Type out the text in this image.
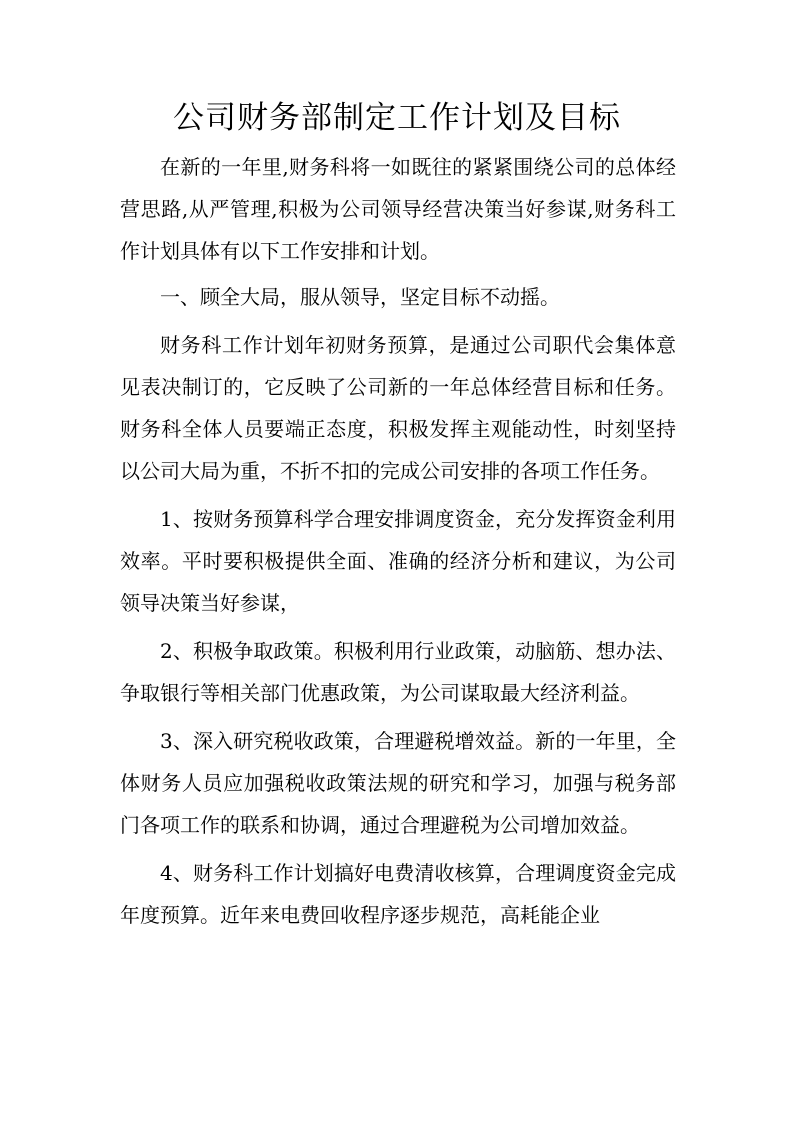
公司财务部制定工作计划及目标

在新的一年里,财务科将一如既往的紧紧围绕公司的总体经营思路,从严管理,积极为公司领导经营决策当好参谋,财务科工作计划具体有以下工作安排和计划。

一、顾全大局，服从领导，坚定目标不动摇。

财务科工作计划年初财务预算，是通过公司职代会集体意见表决制订的，它反映了公司新的一年总体经营目标和任务。财务科全体人员要端正态度，积极发挥主观能动性，时刻坚持以公司大局为重，不折不扣的完成公司安排的各项工作任务。

1、按财务预算科学合理安排调度资金，充分发挥资金利用效率。平时要积极提供全面、准确的经济分析和建议，为公司领导决策当好参谋，

2、积极争取政策。积极利用行业政策，动脑筋、想办法、争取银行等相关部门优惠政策，为公司谋取最大经济利益。

3、深入研究税收政策，合理避税增效益。新的一年里，全体财务人员应加强税收政策法规的研究和学习，加强与税务部门各项工作的联系和协调，通过合理避税为公司增加效益。

4、财务科工作计划搞好电费清收核算，合理调度资金完成年度预算。近年来电费回收程序逐步规范，高耗能企业
